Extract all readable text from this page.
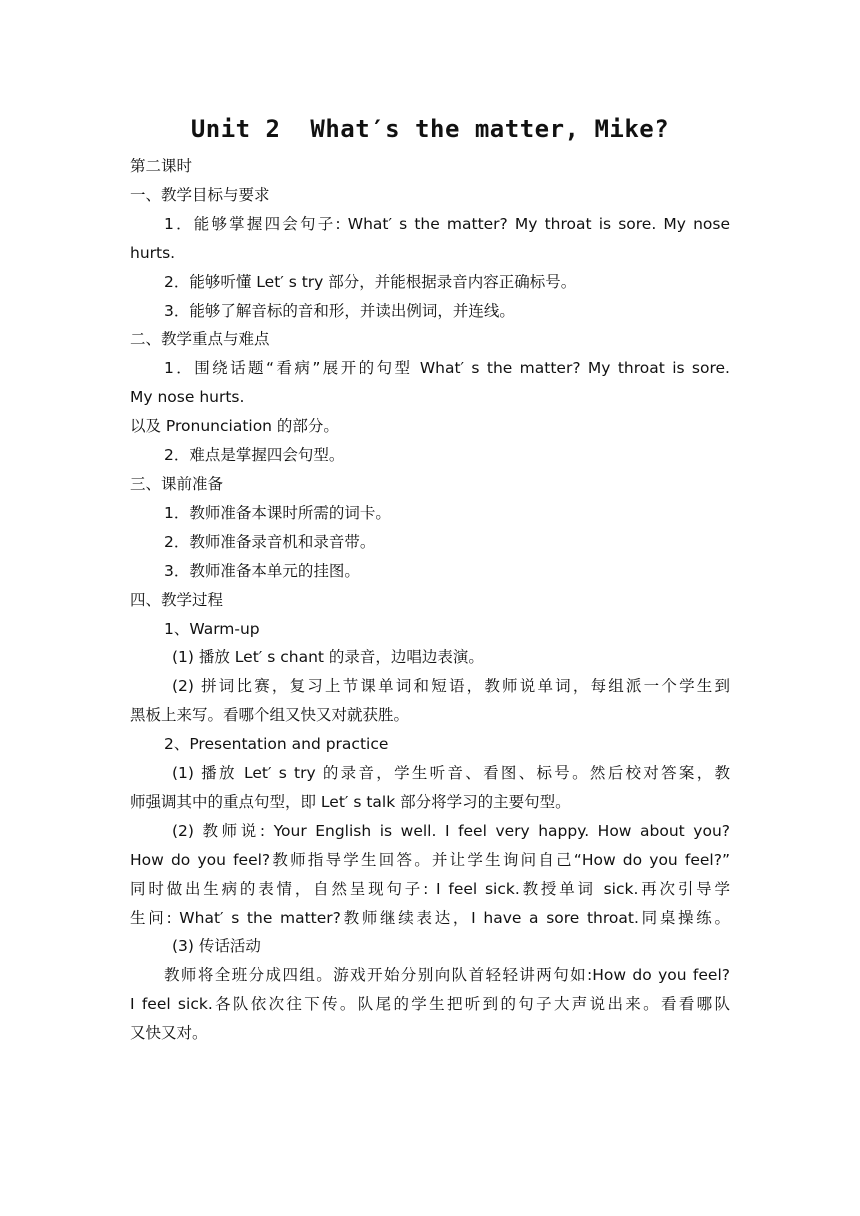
Unit 2  What′s the matter, Mike?
第二课时
一、教学目标与要求
1．能够掌握四会句子: What′ s the matter? My throat is sore. My nose
hurts.
2．能够听懂 Let′ s try 部分，并能根据录音内容正确标号。
3．能够了解音标的音和形，并读出例词，并连线。
二、教学重点与难点
1．围绕话题“看病”展开的句型 What′ s the matter? My throat is sore.
My nose hurts.
以及 Pronunciation 的部分。
2．难点是掌握四会句型。
三、课前准备
1．教师准备本课时所需的词卡。
2．教师准备录音机和录音带。
3．教师准备本单元的挂图。
四、教学过程
1、Warm-up
(1) 播放 Let′ s chant 的录音，边唱边表演。
(2) 拼词比赛，复习上节课单词和短语，教师说单词，每组派一个学生到
黑板上来写。看哪个组又快又对就获胜。
2、Presentation and practice
(1) 播放 Let′ s try 的录音，学生听音、看图、标号。然后校对答案，教
师强调其中的重点句型，即 Let′ s talk 部分将学习的主要句型。
(2) 教师说: Your English is well. I feel very happy. How about you?
How do you feel?教师指导学生回答。并让学生询问自己“How do you feel?”
同时做出生病的表情，自然呈现句子: I feel sick.教授单词 sick.再次引导学
生问: What′ s the matter?教师继续表达，I have a sore throat.同桌操练。
(3) 传话活动
教师将全班分成四组。游戏开始分别向队首轻轻讲两句如:How do you feel?
I feel sick.各队依次往下传。队尾的学生把听到的句子大声说出来。看看哪队
又快又对。
